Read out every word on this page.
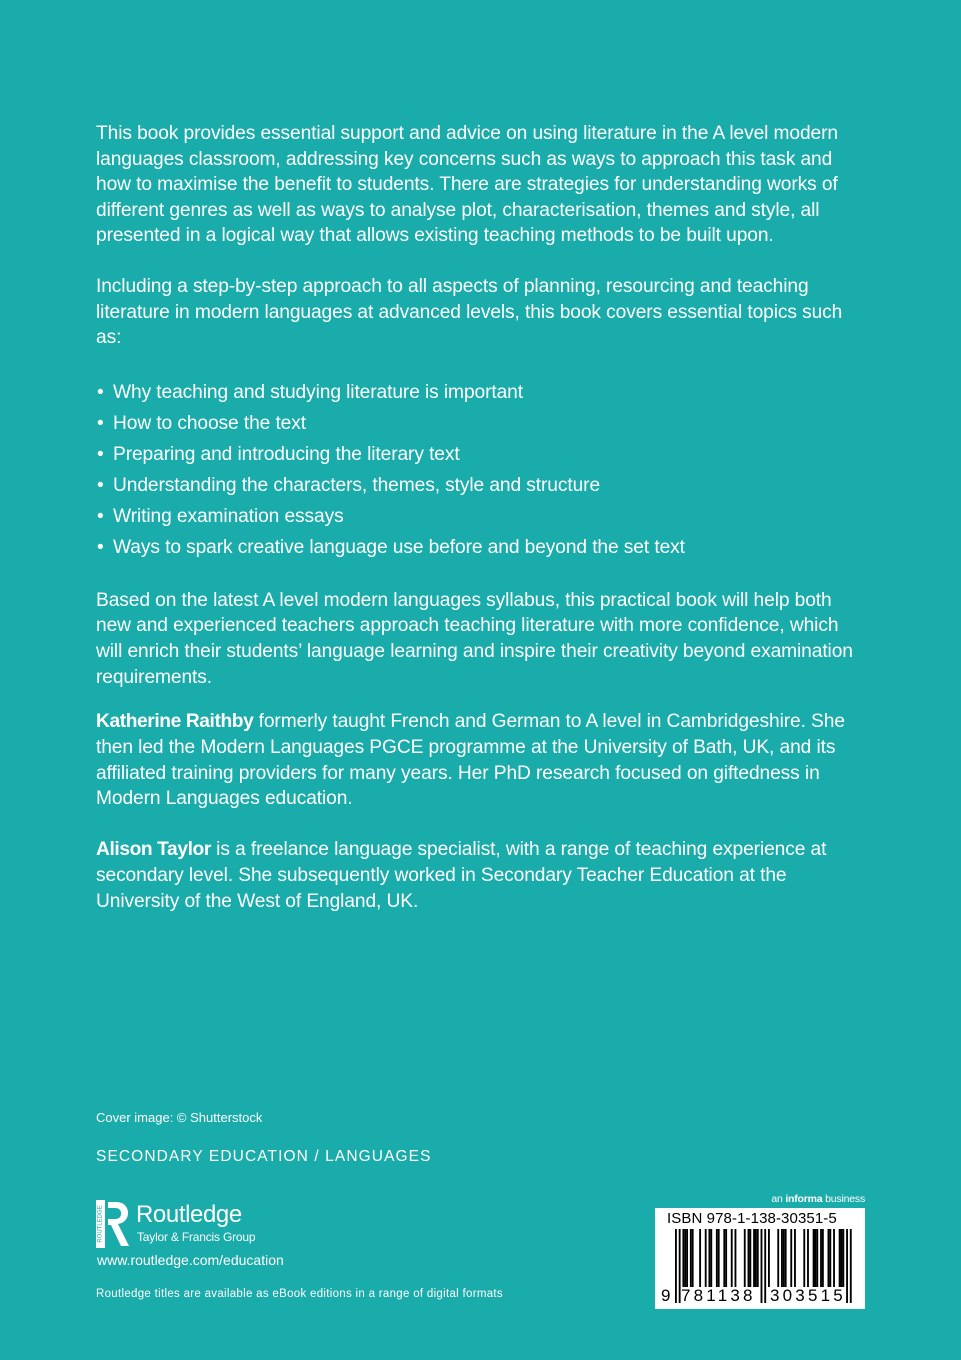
This book provides essential support and advice on using literature in the A level modern languages classroom, addressing key concerns such as ways to approach this task and how to maximise the benefit to students. There are strategies for understanding works of different genres as well as ways to analyse plot, characterisation, themes and style, all presented in a logical way that allows existing teaching methods to be built upon.

Including a step-by-step approach to all aspects of planning, resourcing and teaching literature in modern languages at advanced levels, this book covers essential topics such as:

• Why teaching and studying literature is important
• How to choose the text
• Preparing and introducing the literary text
• Understanding the characters, themes, style and structure
• Writing examination essays
• Ways to spark creative language use before and beyond the set text

Based on the latest A level modern languages syllabus, this practical book will help both new and experienced teachers approach teaching literature with more confidence, which will enrich their students’ language learning and inspire their creativity beyond examination requirements.

Katherine Raithby formerly taught French and German to A level in Cambridgeshire. She then led the Modern Languages PGCE programme at the University of Bath, UK, and its affiliated training providers for many years. Her PhD research focused on giftedness in Modern Languages education.

Alison Taylor is a freelance language specialist, with a range of teaching experience at secondary level. She subsequently worked in Secondary Teacher Education at the University of the West of England, UK.

Cover image: © Shutterstock
SECONDARY EDUCATION / LANGUAGES
ROUTLEDGE Routledge
Taylor & Francis Group
www.routledge.com/education
Routledge titles are available as eBook editions in a range of digital formats
an informa business
ISBN 978-1-138-30351-5
9 781138 303515
